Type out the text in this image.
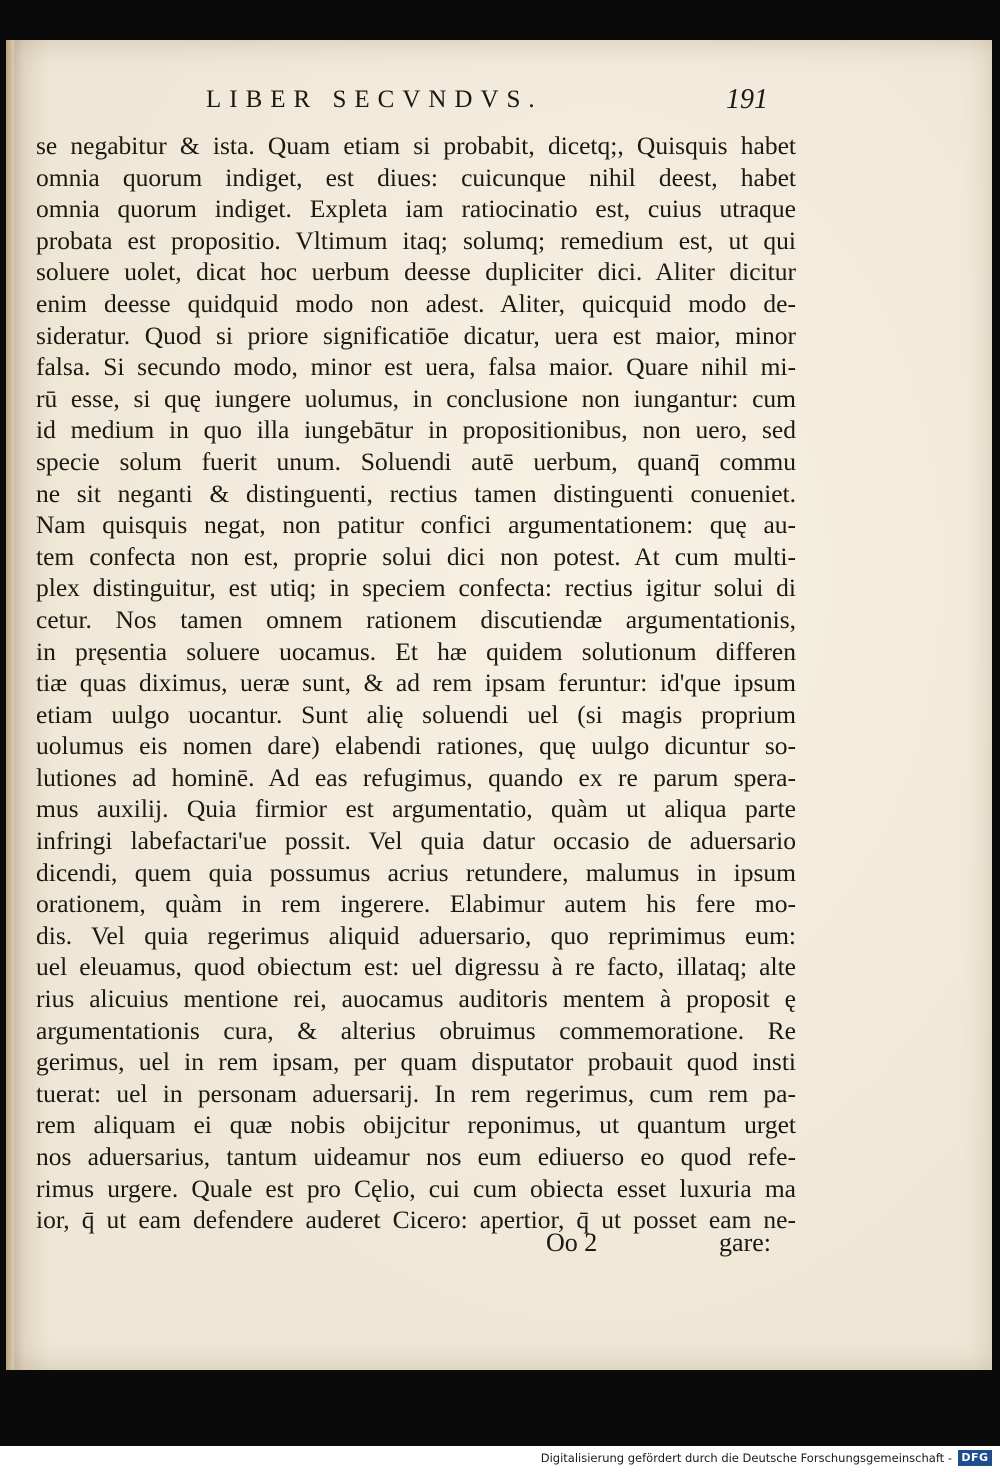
LIBER SECVNDVS.	191
se negabitur & ista. Quam etiam si probabit, dicetq;, Quisquis habet
omnia quorum indiget, est diues: cuicunque nihil deest, habet
omnia quorum indiget. Expleta iam ratiocinatio est, cuius utraque
probata est propositio. Vltimum itaq; solumq; remedium est, ut qui
soluere uolet, dicat hoc uerbum deesse dupliciter dici. Aliter dicitur
enim deesse quidquid modo non adest. Aliter, quicquid modo de-
sideratur. Quod si priore significatiōe dicatur, uera est maior, minor
falsa. Si secundo modo, minor est uera, falsa maior. Quare nihil mi-
rū esse, si quę iungere uolumus, in conclusione non iungantur: cum
id medium in quo illa iungebātur in propositionibus, non uero, sed
specie solum fuerit unum. Soluendi autē uerbum, quanq̄ commu
ne sit neganti & distinguenti, rectius tamen distinguenti conueniet.
Nam quisquis negat, non patitur confici argumentationem: quę au-
tem confecta non est, proprie solui dici non potest. At cum multi-
plex distinguitur, est utiq; in speciem confecta: rectius igitur solui di
cetur. Nos tamen omnem rationem discutiendæ argumentationis,
in pręsentia soluere uocamus. Et hæ quidem solutionum differen
tiæ quas diximus, ueræ sunt, & ad rem ipsam feruntur: id'que ipsum
etiam uulgo uocantur. Sunt alię soluendi uel (si magis proprium
uolumus eis nomen dare) elabendi rationes, quę uulgo dicuntur so-
lutiones ad hominē. Ad eas refugimus, quando ex re parum spera-
mus auxilij. Quia firmior est argumentatio, quàm ut aliqua parte
infringi labefactari'ue possit. Vel quia datur occasio de aduersario
dicendi, quem quia possumus acrius retundere, malumus in ipsum
orationem, quàm in rem ingerere. Elabimur autem his fere mo-
dis. Vel quia regerimus aliquid aduersario, quo reprimimus eum:
uel eleuamus, quod obiectum est: uel digressu à re facto, illataq; alte
rius alicuius mentione rei, auocamus auditoris mentem à proposit ę
argumentationis cura, & alterius obruimus commemoratione. Re
gerimus, uel in rem ipsam, per quam disputator probauit quod insti
tuerat: uel in personam aduersarij. In rem regerimus, cum rem pa-
rem aliquam ei quæ nobis obijcitur reponimus, ut quantum urget
nos aduersarius, tantum uideamur nos eum ediuerso eo quod refe-
rimus urgere. Quale est pro Cęlio, cui cum obiecta esset luxuria ma
ior, q̄ ut eam defendere auderet Cicero: apertior, q̄ ut posset eam ne-
Oo 2	gare:
Digitalisierung gefördert durch die Deutsche Forschungsgemeinschaft - DFG
